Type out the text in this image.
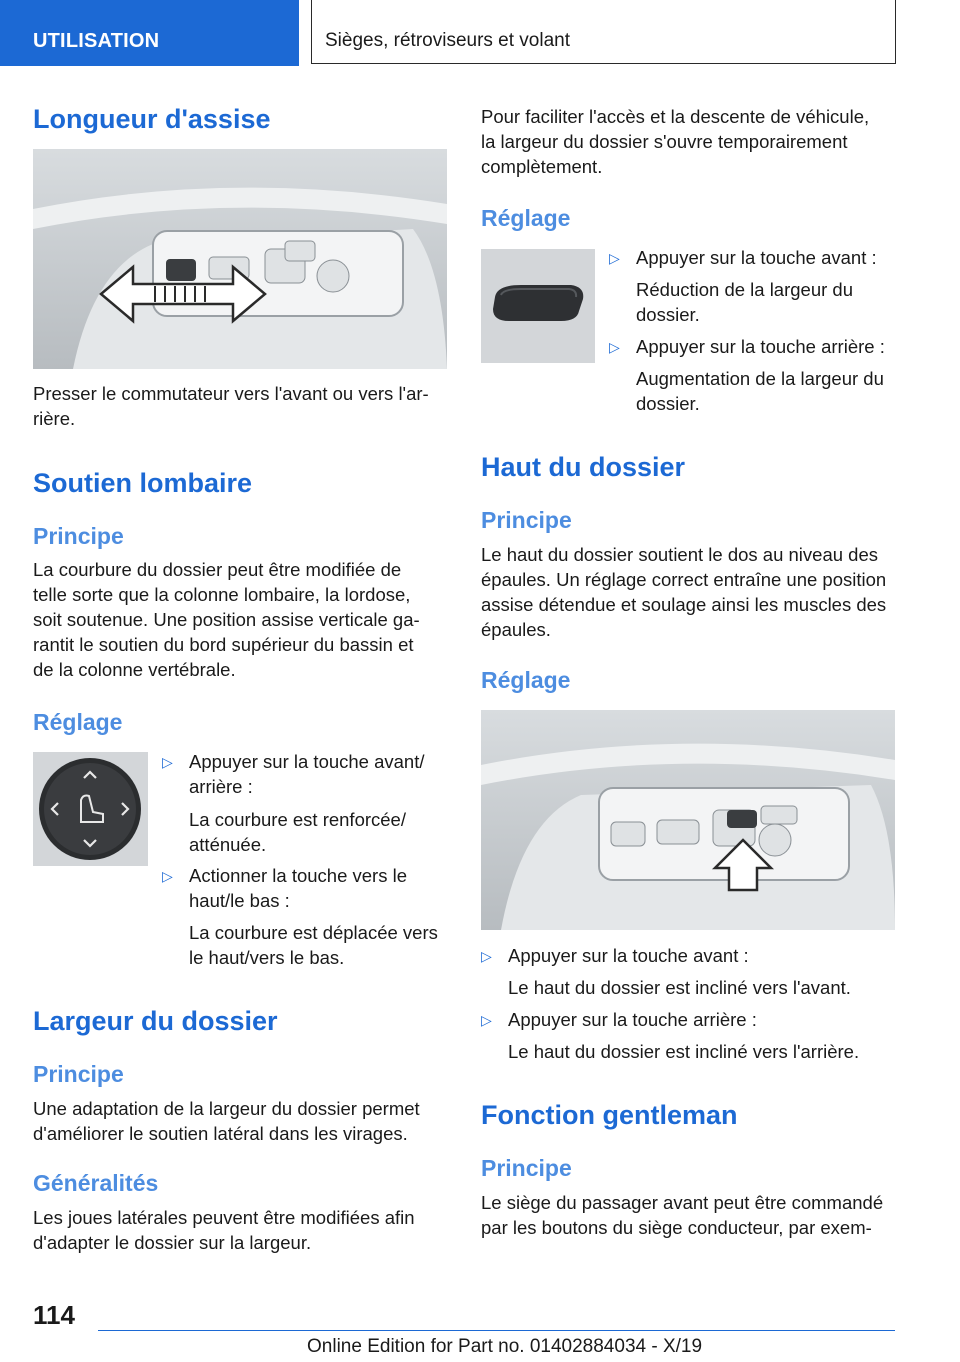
UTILISATION	Sièges, rétroviseurs et volant
Longueur d'assise

Presser le commutateur vers l'avant ou vers l'ar-
rière.

Soutien lombaire
Principe

La courbure du dossier peut être modifiée de
telle sorte que la colonne lombaire, la lordose,
soit soutenue. Une position assise verticale ga-
rantit le soutien du bord supérieur du bassin et
de la colonne vertébrale.

Réglage
▷ Appuyer sur la touche avant/
arrière :
La courbure est renforcée/
atténuée.
▷ Actionner la touche vers le
haut/le bas :
La courbure est déplacée vers
le haut/vers le bas.
Largeur du dossier
Principe

Une adaptation de la largeur du dossier permet
d'améliorer le soutien latéral dans les virages.

Généralités

Les joues latérales peuvent être modifiées afin
d'adapter le dossier sur la largeur.

Pour faciliter l'accès et la descente de véhicule,
la largeur du dossier s'ouvre temporairement
complètement.

Réglage
▷ Appuyer sur la touche avant :
Réduction de la largeur du
dossier.
▷ Appuyer sur la touche arrière :
Augmentation de la largeur du
dossier.
Haut du dossier
Principe

Le haut du dossier soutient le dos au niveau des
épaules. Un réglage correct entraîne une position
assise détendue et soulage ainsi les muscles des
épaules.

Réglage
▷ Appuyer sur la touche avant :
Le haut du dossier est incliné vers l'avant.
▷ Appuyer sur la touche arrière :
Le haut du dossier est incliné vers l'arrière.
Fonction gentleman
Principe

Le siège du passager avant peut être commandé
par les boutons du siège conducteur, par exem-

114
Online Edition for Part no. 01402884034 - X/19
